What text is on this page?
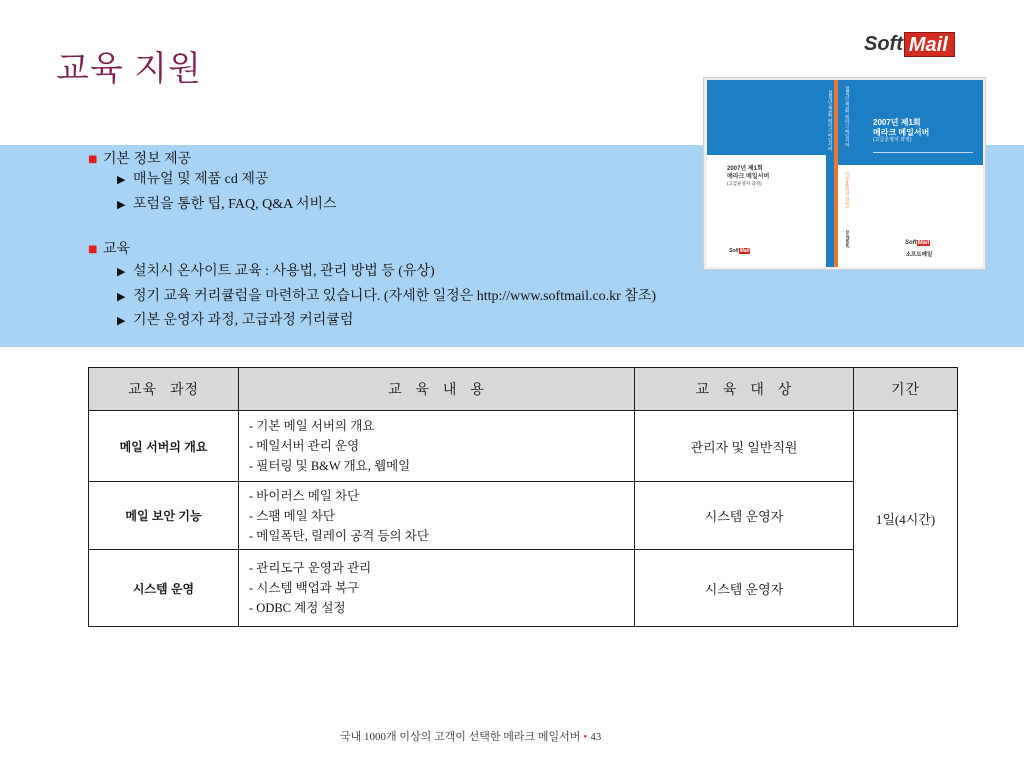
교육 지원
Soft Mail
■ 기본 정보 제공
▶ 매뉴얼 및 제품 cd 제공
▶ 포럼을 통한 팁, FAQ, Q&A 서비스
■ 교육
▶ 설치시 온사이트 교육 : 사용법, 관리 방법 등 (유상)
▶ 정기 교육 커리큘럼을 마련하고 있습니다. (자세한 일정은 http://www.softmail.co.kr 참조)
▶ 기본 운영자 과정, 고급과정 커리큘럼
2007년 제1회
메라크 메일서버
(고급운영자 과정)
SoftMail
2007년 제1회 메라크 메일서버
2007년 제1회 메라크 메일서버
(고급운영자 과정)
SoftMail
2007년 제1회
메라크 메일서버
(고급운영자 과정)
SoftMail
소프트메일
교육 과정	교 육 내 용	교 육 대 상	기간
메일 서버의 개요	- 기본 메일 서버의 개요
- 메일서버 관리 운영
- 필터링 및 B&W 개요, 웹메일	관리자 및 일반직원	1일(4시간)
메일 보안 기능	- 바이러스 메일 차단
- 스팸 메일 차단
- 메일폭탄, 릴레이 공격 등의 차단	시스템 운영자	
시스템 운영	- 관리도구 운영과 관리
- 시스템 백업과 복구
- ODBC 계정 설정	시스템 운영자	
국내 1000개 이상의 고객이 선택한 메라크 메일서버 • 43
